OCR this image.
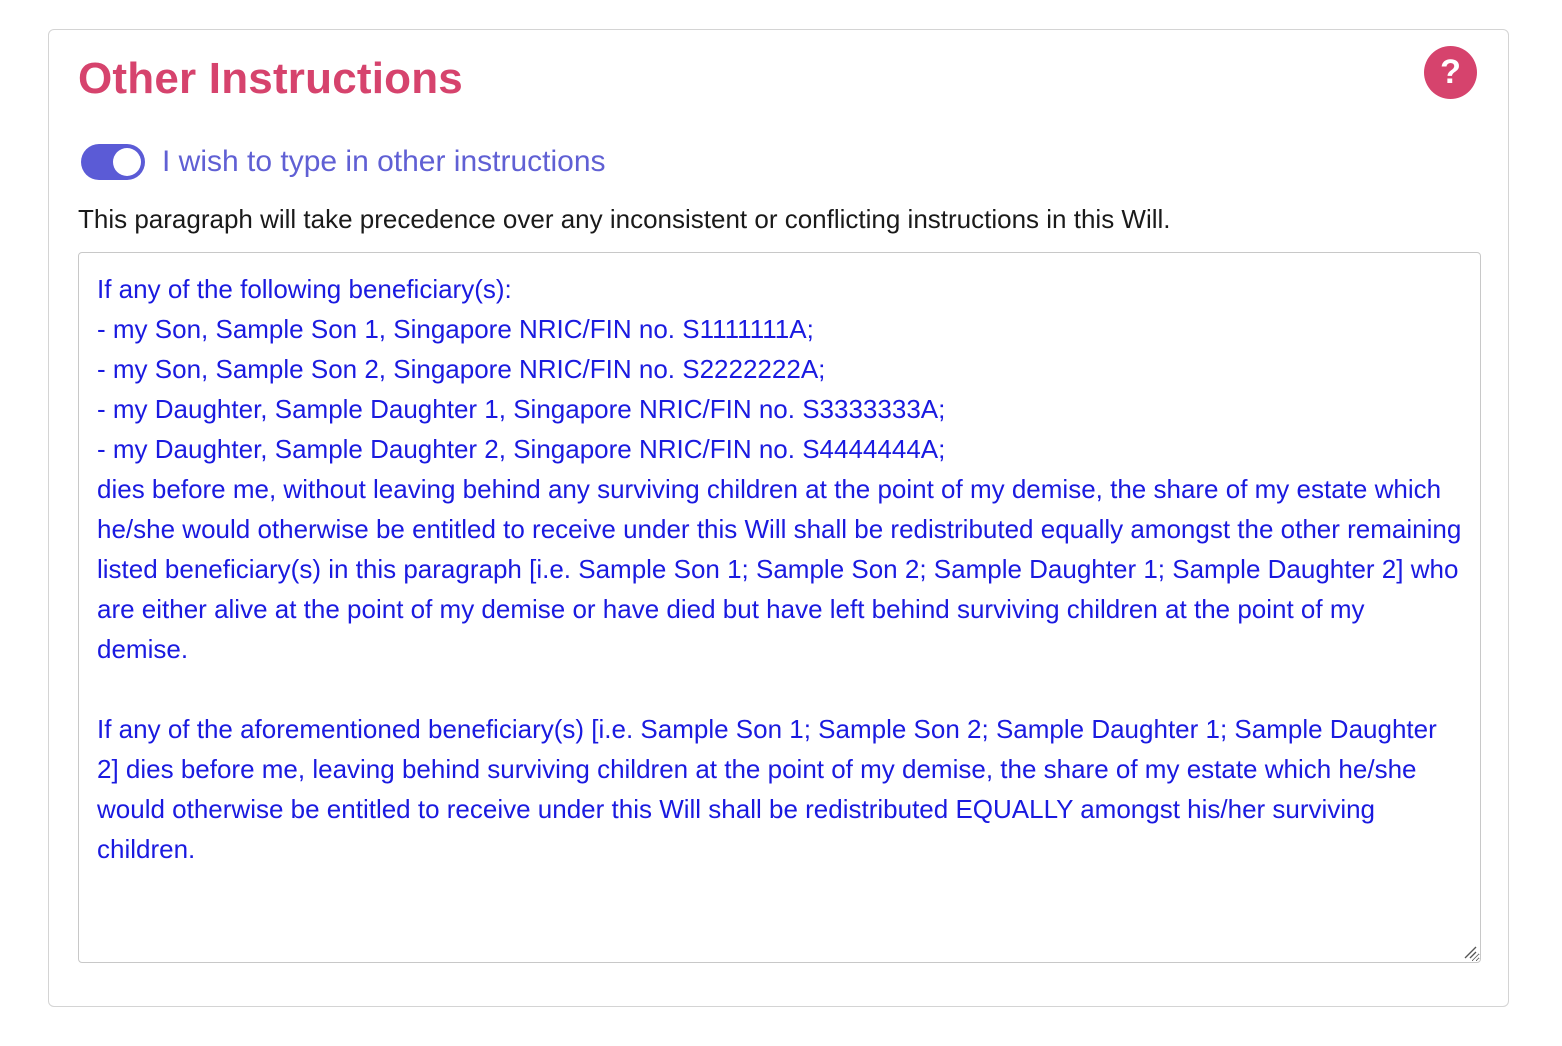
Other Instructions	?
I wish to type in other instructions

This paragraph will take precedence over any inconsistent or conflicting instructions in this Will.

If any of the following beneficiary(s):

- my Son, Sample Son 1, Singapore NRIC/FIN no. S1111111A;

- my Son, Sample Son 2, Singapore NRIC/FIN no. S2222222A;

- my Daughter, Sample Daughter 1, Singapore NRIC/FIN no. S3333333A;

- my Daughter, Sample Daughter 2, Singapore NRIC/FIN no. S4444444A;

dies before me, without leaving behind any surviving children at the point of my demise, the share of my estate which he/she would otherwise be entitled to receive under this Will shall be redistributed equally amongst the other remaining listed beneficiary(s) in this paragraph [i.e. Sample Son 1; Sample Son 2; Sample Daughter 1; Sample Daughter 2] who are either alive at the point of my demise or have died but have left behind surviving children at the point of my demise.

If any of the aforementioned beneficiary(s) [i.e. Sample Son 1; Sample Son 2; Sample Daughter 1; Sample Daughter 2] dies before me, leaving behind surviving children at the point of my demise, the share of my estate which he/she would otherwise be entitled to receive under this Will shall be redistributed EQUALLY amongst his/her surviving children.
